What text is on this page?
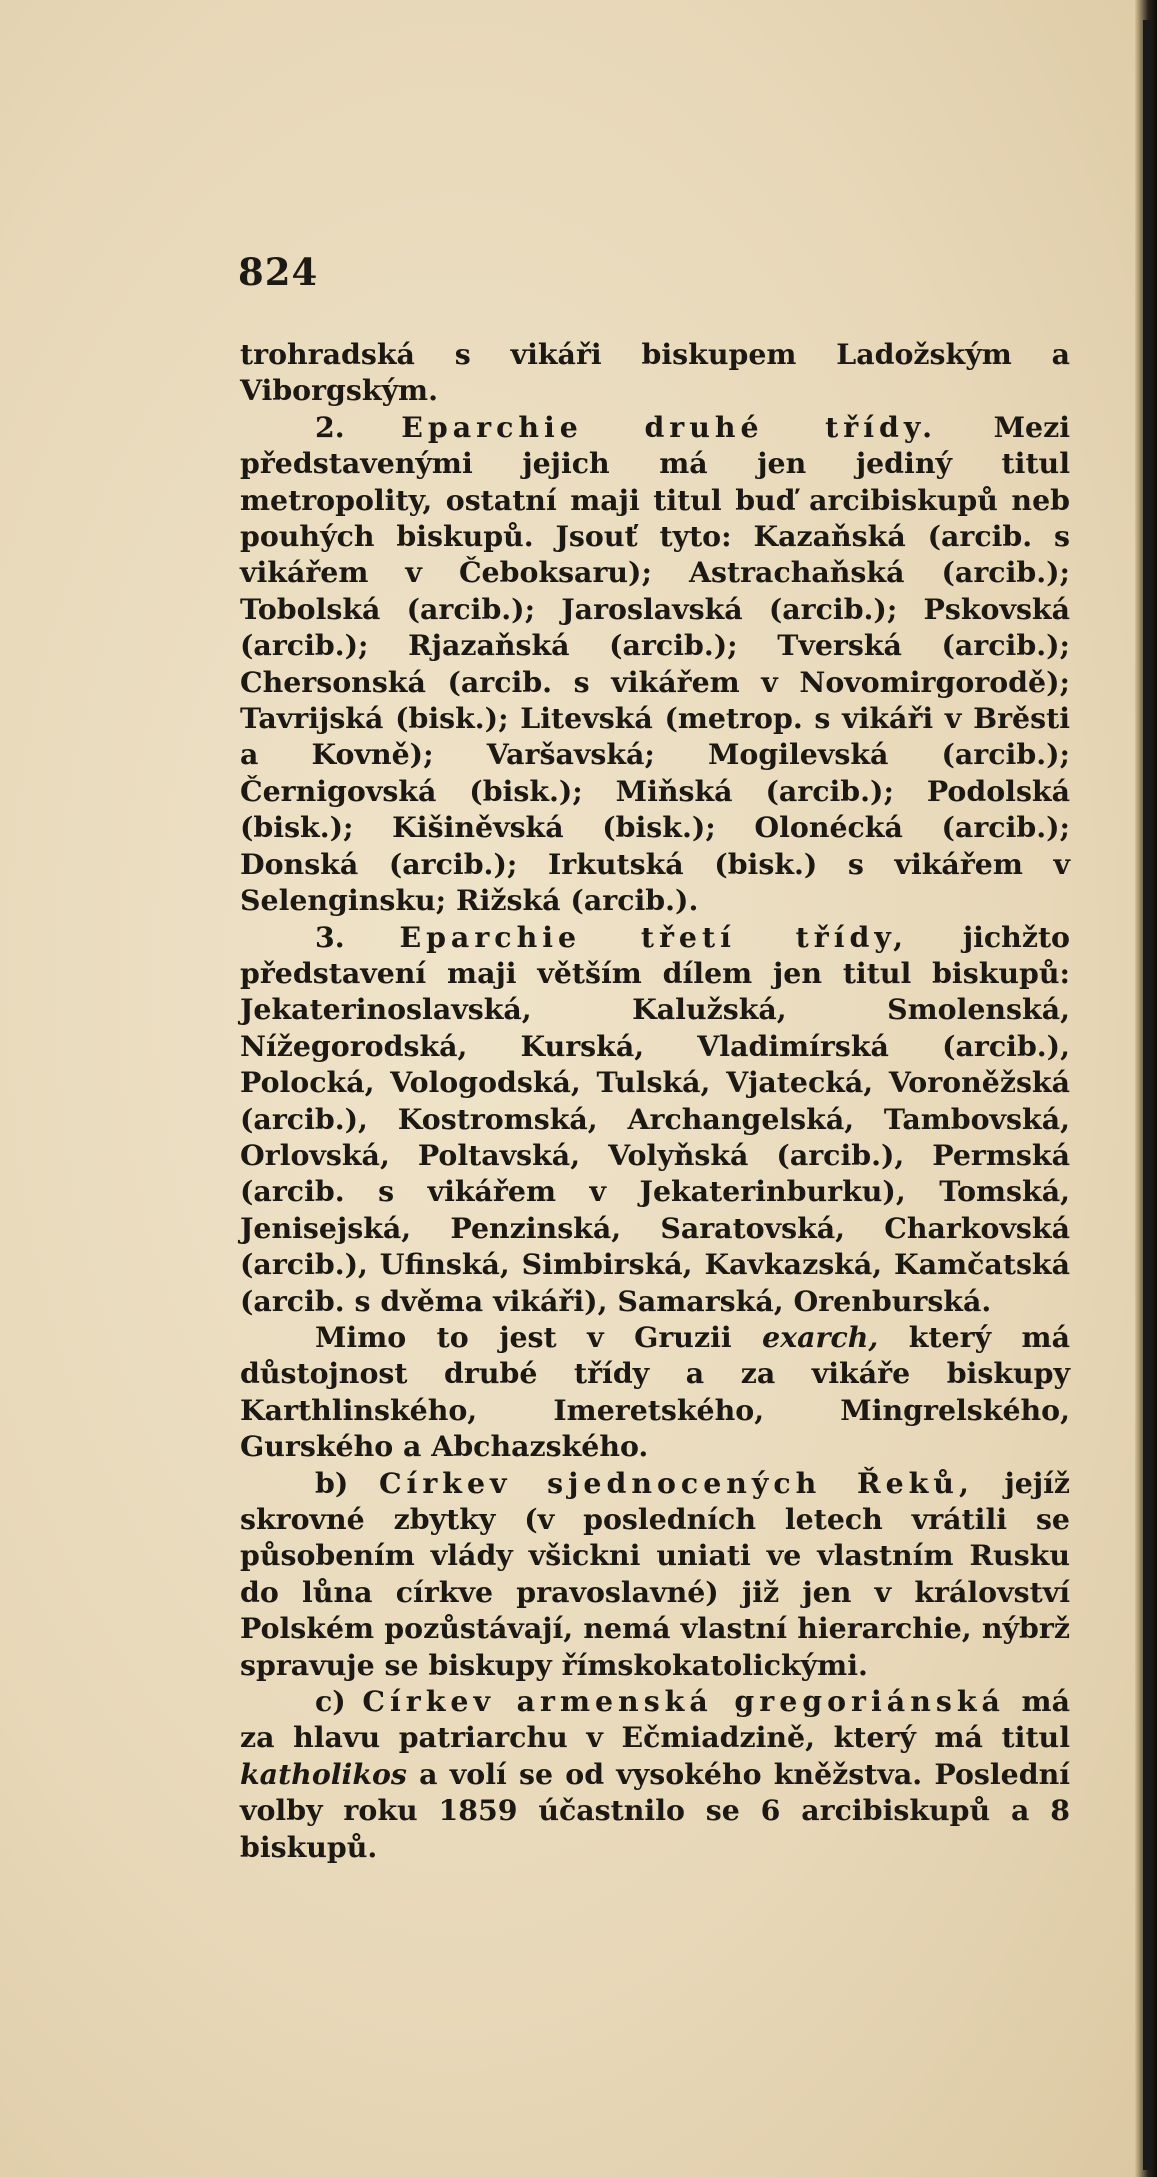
824

trohradská s vikáři biskupem Ladožským a Viborgským.

2. Eparchie druhé třídy. Mezi představenými jejich má jen jediný titul metropolity, ostatní maji titul buď arcibiskupů neb pouhých biskupů. Jsouť tyto: Kazaňská (arcib. s vikářem v Čeboksaru); Astrachaňská (arcib.); Tobolská (arcib.); Jaroslavská (arcib.); Pskovská (arcib.); Rjazaňská (arcib.); Tverská (arcib.); Chersonská (arcib. s vikářem v Novomirgorodě); Tavrijská (bisk.); Litevská (metrop. s vikáři v Brěsti a Kovně); Varšavská; Mogilevská (arcib.); Černigovská (bisk.); Miňská (arcib.); Podolská (bisk.); Kišiněvská (bisk.); Olonécká (arcib.); Donská (arcib.); Irkutská (bisk.) s vikářem v Selenginsku; Rižská (arcib.).

3. Eparchie třetí třídy, jichžto představení maji větším dílem jen titul biskupů: Jekaterinoslavská, Kalužská, Smolenská, Nížegorodská, Kurská, Vladimírská (arcib.), Polocká, Vologodská, Tulská, Vjatecká, Voroněžská (arcib.), Kostromská, Archangelská, Tambovská, Orlovská, Poltavská, Volyňská (arcib.), Permská (arcib. s vikářem v Jekaterinburku), Tomská, Jenisejská, Penzinská, Saratovská, Charkovská (arcib.), Ufinská, Simbirská, Kavkazská, Kamčatská (arcib. s dvěma vikáři), Samarská, Orenburská.

Mimo to jest v Gruzii exarch, který má důstojnost drubé třídy a za vikáře biskupy Karthlinského, Imeretského, Mingrelského, Gurského a Abchazského.

b) Církev sjednocených Řeků, jejíž skrovné zbytky (v posledních letech vrátili se působením vlády všickni uniati ve vlastním Rusku do lůna církve pravoslavné) již jen v království Polském pozůstávají, nemá vlastní hierarchie, nýbrž spravuje se biskupy římskokatolickými.

c) Církev armenská gregoriánská má za hlavu patriarchu v Ečmiadzině, který má titul katholikos a volí se od vysokého kněžstva. Poslední volby roku 1859 účastnilo se 6 arcibiskupů a 8 biskupů.
